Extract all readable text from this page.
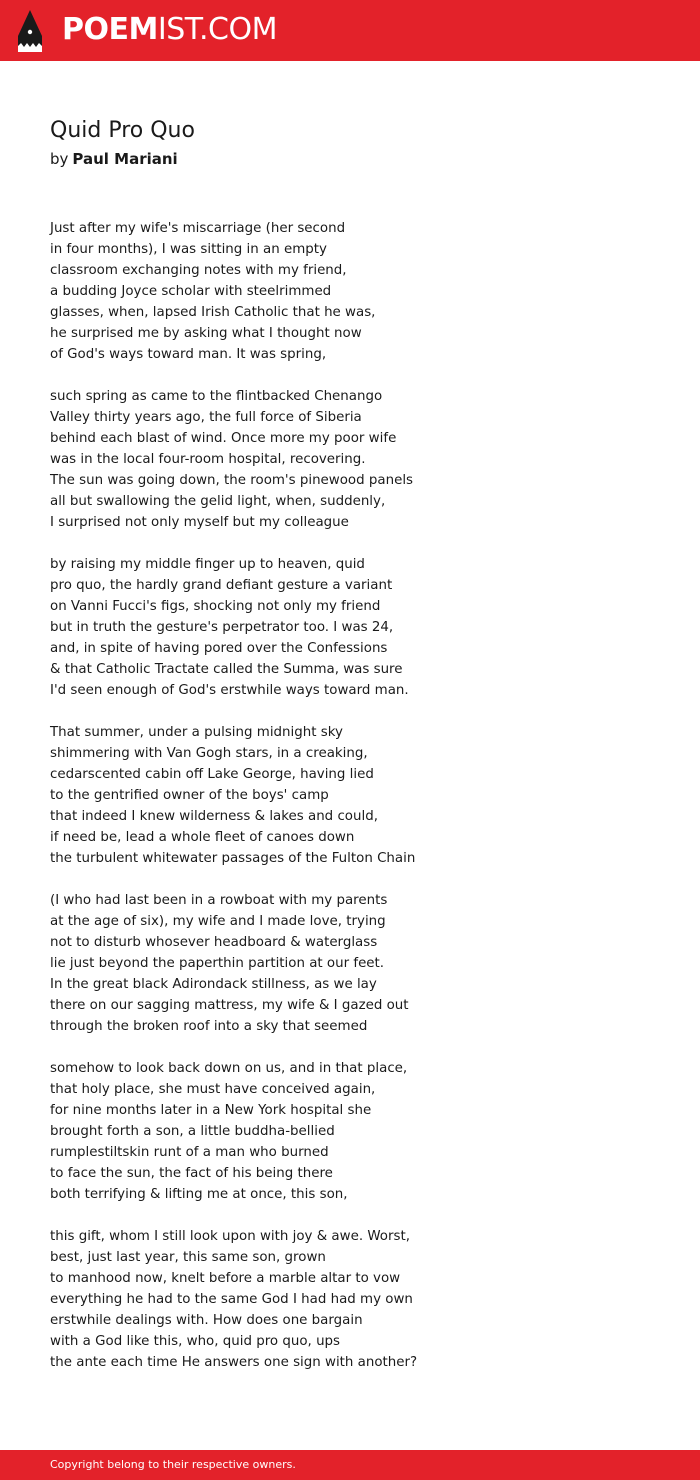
POEMIST.COM
Quid Pro Quo
by Paul Mariani
Just after my wife's miscarriage (her second
in four months), I was sitting in an empty
classroom exchanging notes with my friend,
a budding Joyce scholar with steelrimmed
glasses, when, lapsed Irish Catholic that he was,
he surprised me by asking what I thought now
of God's ways toward man. It was spring,
such spring as came to the flintbacked Chenango
Valley thirty years ago, the full force of Siberia
behind each blast of wind. Once more my poor wife
was in the local four-room hospital, recovering.
The sun was going down, the room's pinewood panels
all but swallowing the gelid light, when, suddenly,
I surprised not only myself but my colleague
by raising my middle finger up to heaven, quid
pro quo, the hardly grand defiant gesture a variant
on Vanni Fucci's figs, shocking not only my friend
but in truth the gesture's perpetrator too. I was 24,
and, in spite of having pored over the Confessions
& that Catholic Tractate called the Summa, was sure
I'd seen enough of God's erstwhile ways toward man.
That summer, under a pulsing midnight sky
shimmering with Van Gogh stars, in a creaking,
cedarscented cabin off Lake George, having lied
to the gentrified owner of the boys' camp
that indeed I knew wilderness & lakes and could,
if need be, lead a whole fleet of canoes down
the turbulent whitewater passages of the Fulton Chain
(I who had last been in a rowboat with my parents
at the age of six), my wife and I made love, trying
not to disturb whosever headboard & waterglass
lie just beyond the paperthin partition at our feet.
In the great black Adirondack stillness, as we lay
there on our sagging mattress, my wife & I gazed out
through the broken roof into a sky that seemed
somehow to look back down on us, and in that place,
that holy place, she must have conceived again,
for nine months later in a New York hospital she
brought forth a son, a little buddha-bellied
rumplestiltskin runt of a man who burned
to face the sun, the fact of his being there
both terrifying & lifting me at once, this son,
this gift, whom I still look upon with joy & awe. Worst,
best, just last year, this same son, grown
to manhood now, knelt before a marble altar to vow
everything he had to the same God I had had my own
erstwhile dealings with. How does one bargain
with a God like this, who, quid pro quo, ups
the ante each time He answers one sign with another?
Copyright belong to their respective owners.
